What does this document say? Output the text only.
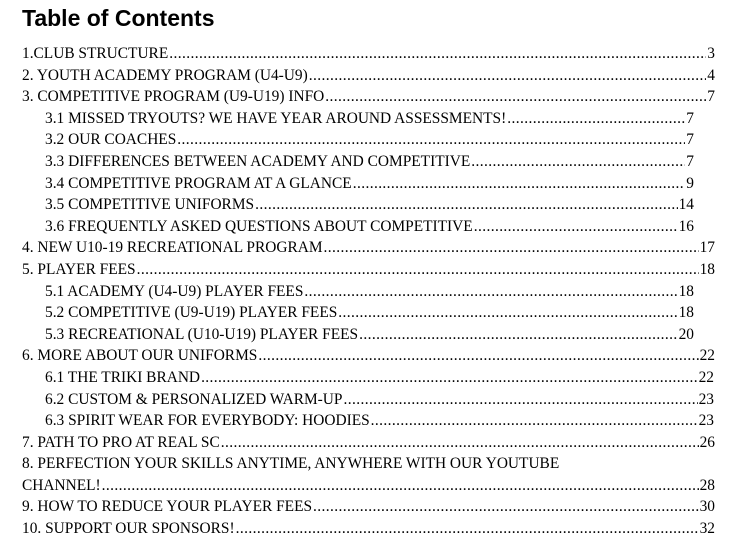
Table of Contents
1.CLUB STRUCTURE .....	3
2. YOUTH ACADEMY PROGRAM (U4-U9) .....	4
3. COMPETITIVE PROGRAM (U9-U19) INFO .....	7
3.1 MISSED TRYOUTS? WE HAVE YEAR AROUND ASSESSMENTS! .....	7
3.2 OUR COACHES .....	7
3.3 DIFFERENCES BETWEEN ACADEMY AND COMPETITIVE .....	7
3.4 COMPETITIVE PROGRAM AT A GLANCE .....	9
3.5 COMPETITIVE UNIFORMS .....	14
3.6 FREQUENTLY ASKED QUESTIONS ABOUT COMPETITIVE .....	16
4. NEW U10-19 RECREATIONAL PROGRAM .....	17
5. PLAYER FEES .....	18
5.1 ACADEMY (U4-U9) PLAYER FEES .....	18
5.2 COMPETITIVE (U9-U19) PLAYER FEES .....	18
5.3 RECREATIONAL (U10-U19) PLAYER FEES .....	20
6. MORE ABOUT OUR UNIFORMS .....	22
6.1 THE TRIKI BRAND .....	22
6.2 CUSTOM & PERSONALIZED WARM-UP .....	23
6.3 SPIRIT WEAR FOR EVERYBODY: HOODIES .....	23
7. PATH TO PRO AT REAL SC .....	26
8. PERFECTION YOUR SKILLS ANYTIME, ANYWHERE WITH OUR YOUTUBE
CHANNEL! .....	28
9. HOW TO REDUCE YOUR PLAYER FEES .....	30
10. SUPPORT OUR SPONSORS! .....	32
